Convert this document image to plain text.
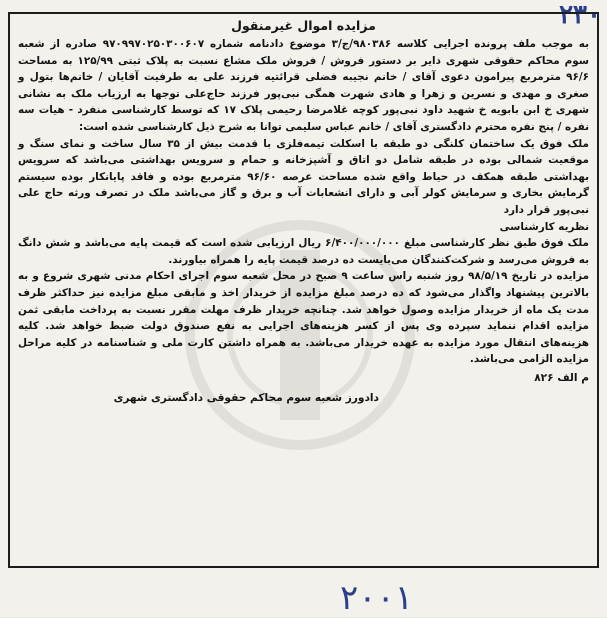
۲۳۰
مزایده اموال غیرمنقول

به موجب ملف پرونده اجرایی کلاسه ۹۸۰۳۸۶/ج/۳ موضوع دادنامه شماره ۹۷۰۹۹۷۰۲۵۰۳۰۰۶۰۷ صادره از شعبه سوم محاکم حقوقی شهری دایر بر دستور فروش / فروش ملک مشاع نسبت به پلاک ثبتی ۱۲۵/۹۹ به مساحت ۹۶/۶ مترمربع پیرامون دعوی آقای / خانم نجیبه فضلی قرائتیه فرزند علی به طرفیت آقایان / خانم‌ها بتول و صغری و مهدی و نسرین و زهرا و هادی شهرت همگی نبی‌پور فرزند حاج‌علی توجها به ارزیاب ملک به نشانی شهری خ ابن بابویه خ شهید داود نبی‌پور کوچه غلامرضا رحیمی پلاک ۱۷ که توسط کارشناسی منفرد - هیات سه نفره / پنج نفره محترم دادگستری آقای / خانم عباس سلیمی توانا به شرح ذیل کارشناسی شده است:

ملک فوق یک ساختمان کلنگی دو طبقه با اسکلت تیمه‌فلزی با قدمت بیش از ۳۵ سال ساخت و نمای سنگ و موقعیت شمالی بوده در طبقه شامل دو اتاق و آشپزخانه و حمام و سرویس بهداشتی می‌باشد که سرویس بهداشتی طبقه همکف در حیاط واقع شده مساحت عرصه ۹۶/۶۰ مترمربع بوده و فاقد پایانکار بوده سیستم گرمایش بخاری و سرمایش کولر آبی و دارای انشعابات آب و برق و گاز می‌باشد ملک در تصرف ورثه حاج علی نبی‌پور قرار دارد

نظریه کارشناسی

ملک فوق طبق نظر کارشناسی مبلغ ۶/۴۰۰/۰۰۰/۰۰۰ ریال ارزیابی شده است که قیمت پایه می‌باشد و شش دانگ به فروش می‌رسد و شرکت‌کنندگان می‌بایست ده درصد قیمت پایه را همراه بیاورند.

مزایده در تاریخ ۹۸/۵/۱۹ روز شنبه راس ساعت ۹ صبح در محل شعبه سوم اجرای احکام مدنی شهری شروع و به بالاترین پیشنهاد واگذار می‌شود که ده درصد مبلغ مزایده از خریدار اخذ و مابقی مبلغ مزایده نیز حداکثر ظرف مدت یک ماه از خریدار مزایده وصول خواهد شد. چنانچه خریدار ظرف مهلت مقرر نسبت به پرداخت مابقی ثمن مزایده اقدام ننماید سپرده وی پس از کسر هزینه‌های اجرایی به نفع صندوق دولت ضبط خواهد شد. کلیه هزینه‌های انتقال مورد مزایده به عهده خریدار می‌باشد. به همراه داشتن کارت ملی و شناسنامه در کلیه مراحل مزایده الزامی می‌باشد.

م الف ۸۲۶
دادورز شعبه سوم محاکم حقوقی دادگستری شهری
۲۰۰۱
